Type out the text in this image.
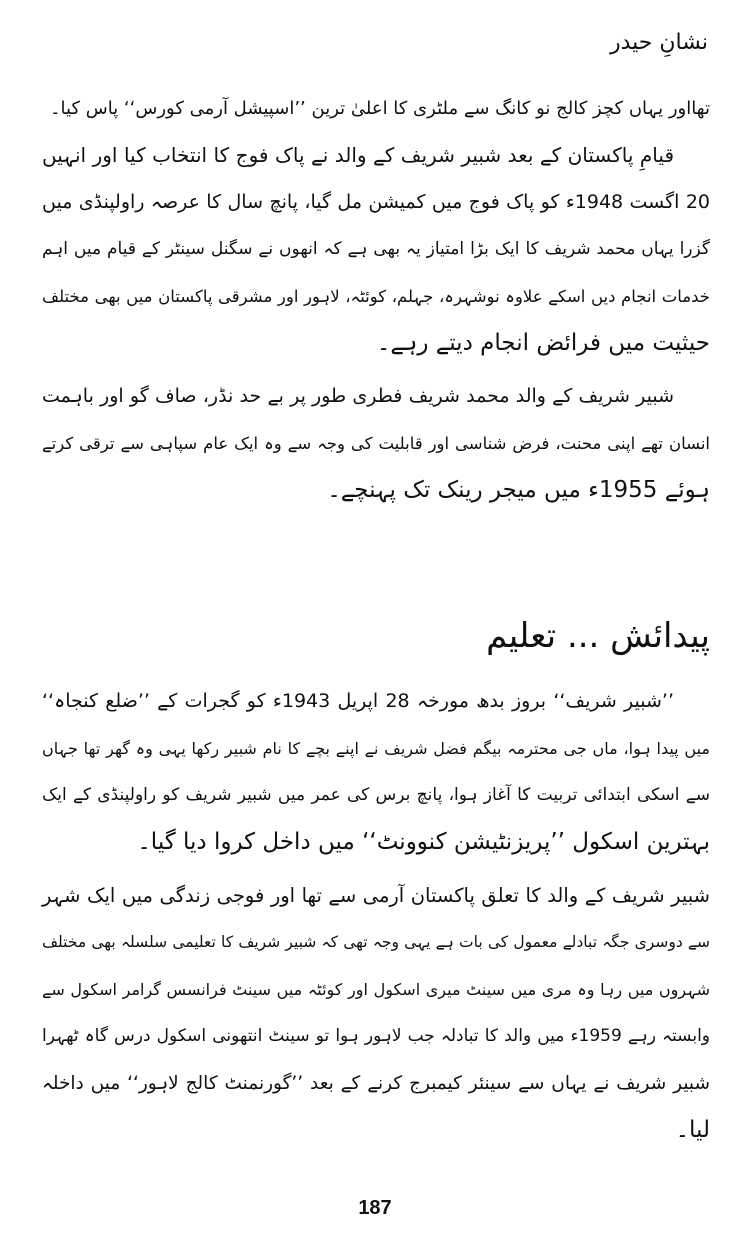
نشانِ حیدر
تھااور یہاں کچز کالج نو کانگ سے ملٹری کا اعلیٰ ترین ’’اسپیشل آرمی کورس‘‘ پاس کیا۔
قیامِ پاکستان کے بعد شبیر شریف کے والد نے پاک فوج کا انتخاب کیا اور انہیں
20 اگست 1948ء کو پاک فوج میں کمیشن مل گیا، پانچ سال کا عرصہ راولپنڈی میں
گزرا یہاں محمد شریف کا ایک بڑا امتیاز یہ بھی ہے کہ انھوں نے سگنل سینٹر کے قیام میں اہم
خدمات انجام دیں اسکے علاوہ نوشہرہ، جہلم، کوئٹہ، لاہور اور مشرقی پاکستان میں بھی مختلف
حیثیت میں فرائض انجام دیتے رہے۔
شبیر شریف کے والد محمد شریف فطری طور پر بے حد نڈر، صاف گو اور باہمت
انسان تھے اپنی محنت، فرض شناسی اور قابلیت کی وجہ سے وہ ایک عام سپاہی سے ترقی کرتے
ہوئے 1955ء میں میجر رینک تک پہنچے۔
پیدائش ... تعلیم
’’شبیر شریف‘‘ بروز بدھ مورخہ 28 اپریل 1943ء کو گجرات کے ’’ضلع کنجاہ‘‘
میں پیدا ہوا، ماں جی محترمہ بیگم فضل شریف نے اپنے بچے کا نام شبیر رکھا یہی وہ گھر تھا جہاں
سے اسکی ابتدائی تربیت کا آغاز ہوا، پانچ برس کی عمر میں شبیر شریف کو راولپنڈی کے ایک
بہترین اسکول ’’پریزنٹیشن کنوونٹ‘‘ میں داخل کروا دیا گیا۔
شبیر شریف کے والد کا تعلق پاکستان آرمی سے تھا اور فوجی زندگی میں ایک شہر
سے دوسری جگہ تبادلے معمول کی بات ہے یہی وجہ تھی کہ شبیر شریف کا تعلیمی سلسلہ بھی مختلف
شہروں میں رہا وہ مری میں سینٹ میری اسکول اور کوئٹہ میں سینٹ فرانسس گرامر اسکول سے
وابستہ رہے 1959ء میں والد کا تبادلہ جب لاہور ہوا تو سینٹ انتھونی اسکول درس گاہ ٹھہرا
شبیر شریف نے یہاں سے سینئر کیمبرج کرنے کے بعد ’’گورنمنٹ کالج لاہور‘‘ میں داخلہ
لیا۔
187
